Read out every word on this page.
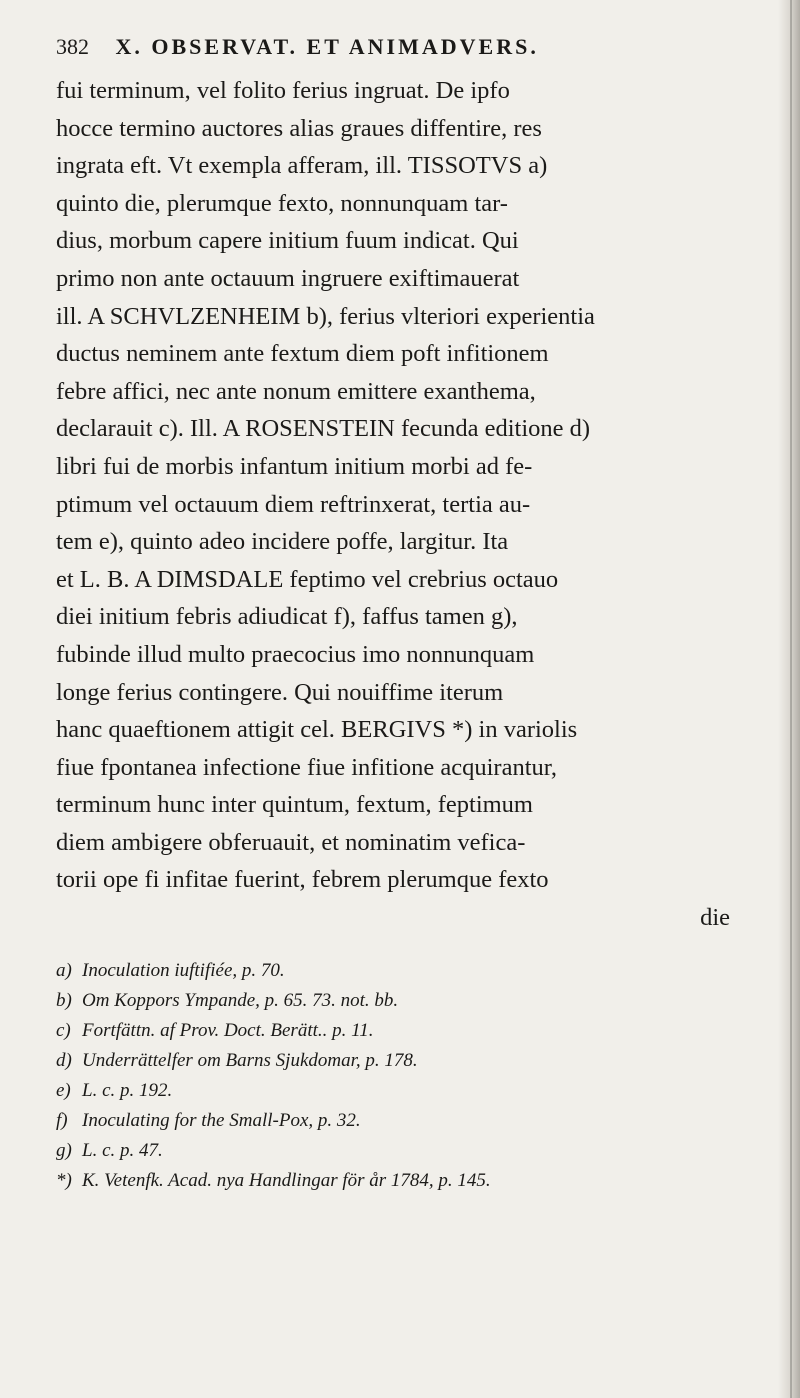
382 X. OBSERVAT. ET ANIMADVERS.
fui terminum, vel folito ferius ingruat. De ipfo
hocce termino auctores alias graues diffentire, res
ingrata eft. Vt exempla afferam, ill. TISSOTVS a)
quinto die, plerumque fexto, nonnunquam tar-
dius, morbum capere initium fuum indicat. Qui
primo non ante octauum ingruere exiftimauerat
ill. A SCHVLZENHEIM b), ferius vlteriori experientia
ductus neminem ante fextum diem poft infitionem
febre affici, nec ante nonum emittere exanthema,
declarauit c). Ill. A ROSENSTEIN fecunda editione d)
libri fui de morbis infantum initium morbi ad fe-
ptimum vel octauum diem reftrinxerat, tertia au-
tem e), quinto adeo incidere poffe, largitur. Ita
et L. B. A DIMSDALE feptimo vel crebrius octauo
diei initium febris adiudicat f), faffus tamen g),
fubinde illud multo praecocius imo nonnunquam
longe ferius contingere. Qui nouiffime iterum
hanc quaeftionem attigit cel. BERGIVS *) in variolis
fiue fpontanea infectione fiue infitione acquirantur,
terminum hunc inter quintum, fextum, feptimum
diem ambigere obferuauit, et nominatim vefica-
torii ope fi infitae fuerint, febrem plerumque fexto
die
a) Inoculation iuftifiée, p. 70.
b) Om Koppors Ympande, p. 65. 73. not. bb.
c) Fortfättn. af Prov. Doct. Berätt.. p. 11.
d) Underrättelfer om Barns Sjukdomar, p. 178.
e) L. c. p. 192.
f) Inoculating for the Small-Pox, p. 32.
g) L. c. p. 47.
*) K. Vetenfk. Acad. nya Handlingar för år 1784, p. 145.
